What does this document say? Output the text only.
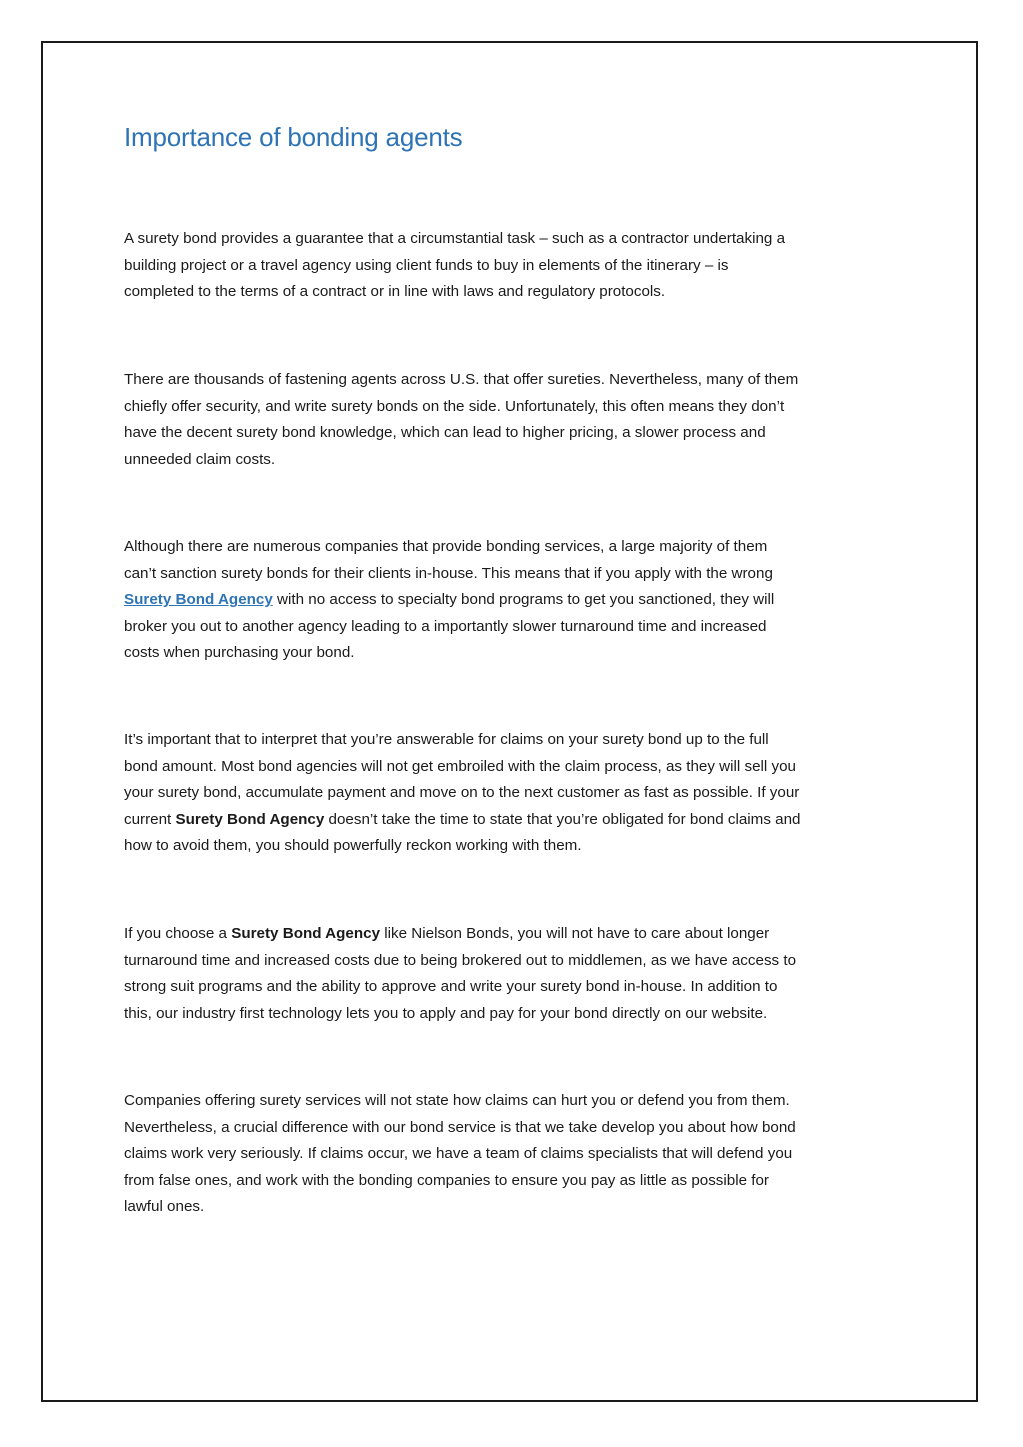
Importance of bonding agents

A surety bond provides a guarantee that a circumstantial task – such as a contractor undertaking a
building project or a travel agency using client funds to buy in elements of the itinerary – is
completed to the terms of a contract or in line with laws and regulatory protocols.

There are thousands of fastening agents across U.S. that offer sureties. Nevertheless, many of them
chiefly offer security, and write surety bonds on the side. Unfortunately, this often means they don’t
have the decent surety bond knowledge, which can lead to higher pricing, a slower process and
unneeded claim costs.

Although there are numerous companies that provide bonding services, a large majority of them
can’t sanction surety bonds for their clients in-house. This means that if you apply with the wrong
Surety Bond Agency with no access to specialty bond programs to get you sanctioned, they will
broker you out to another agency leading to a importantly slower turnaround time and increased
costs when purchasing your bond.

It’s important that to interpret that you’re answerable for claims on your surety bond up to the full
bond amount. Most bond agencies will not get embroiled with the claim process, as they will sell you
your surety bond, accumulate payment and move on to the next customer as fast as possible. If your
current Surety Bond Agency doesn’t take the time to state that you’re obligated for bond claims and
how to avoid them, you should powerfully reckon working with them.

If you choose a Surety Bond Agency like Nielson Bonds, you will not have to care about longer
turnaround time and increased costs due to being brokered out to middlemen, as we have access to
strong suit programs and the ability to approve and write your surety bond in-house. In addition to
this, our industry first technology lets you to apply and pay for your bond directly on our website.

Companies offering surety services will not state how claims can hurt you or defend you from them.
Nevertheless, a crucial difference with our bond service is that we take develop you about how bond
claims work very seriously. If claims occur, we have a team of claims specialists that will defend you
from false ones, and work with the bonding companies to ensure you pay as little as possible for
lawful ones.
